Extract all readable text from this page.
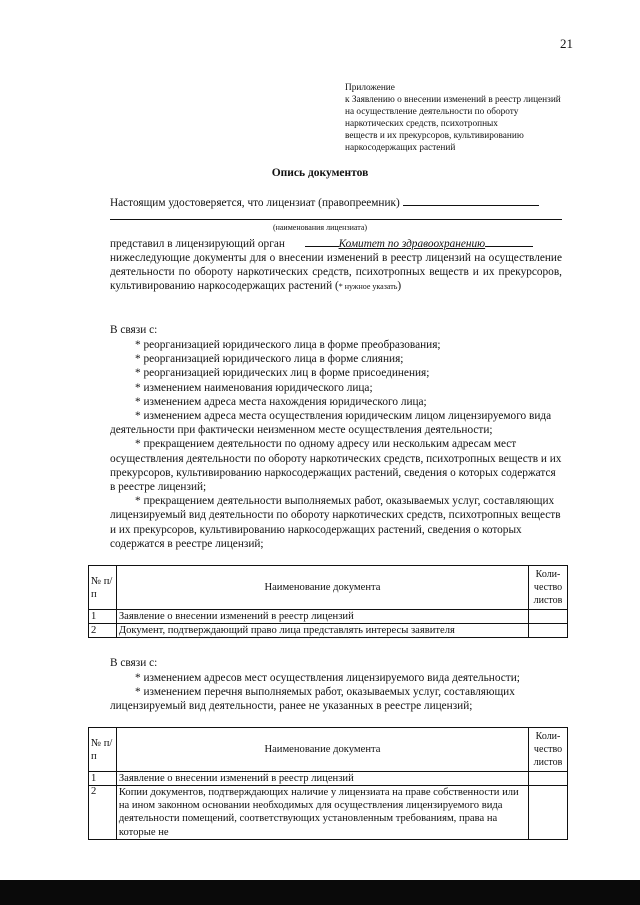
21
Приложение
к Заявлению о внесении изменений в реестр лицензий
на осуществление деятельности по обороту
наркотических средств, психотропных
веществ и их прекурсоров, культивированию
наркосодержащих растений
Опись документов
Настоящим удостоверяется, что лицензиат (правопреемник)
(наименования лицензиата)
представил в лицензирующий орган	Комитет по здравоохранению
нижеследующие документы для о внесении изменений в реестр лицензий на осуществление деятельности по обороту наркотических средств, психотропных веществ и их прекурсоров, культивированию наркосодержащих растений (* нужное указать)
В связи с:
* реорганизацией юридического лица в форме преобразования;
* реорганизацией юридического лица в форме слияния;
* реорганизацией юридических лиц в форме присоединения;
* изменением наименования юридического лица;
* изменением адреса места нахождения юридического лица;
* изменением адреса места осуществления юридическим лицом лицензируемого вида деятельности при фактически неизменном месте осуществления деятельности;
* прекращением деятельности по одному адресу или нескольким адресам мест осуществления деятельности по обороту наркотических средств, психотропных веществ и их прекурсоров, культивированию наркосодержащих растений, сведения о которых содержатся в реестре лицензий;
* прекращением деятельности выполняемых работ, оказываемых услуг, составляющих лицензируемый вид деятельности по обороту наркотических средств, психотропных веществ и их прекурсоров, культивированию наркосодержащих растений, сведения о которых содержатся в реестре лицензий;
№ п/п	Наименование документа	Коли-чество листов
1	Заявление о внесении изменений в реестр лицензий	
2	Документ, подтверждающий право лица представлять интересы заявителя	
В связи с:
* изменением адресов мест осуществления лицензируемого вида деятельности;
* изменением перечня выполняемых работ, оказываемых услуг, составляющих лицензируемый вид деятельности, ранее не указанных в реестре лицензий;
№ п/п	Наименование документа	Коли-чество листов
1	Заявление о внесении изменений в реестр лицензий	
2	Копии документов, подтверждающих наличие у лицензиата на праве собственности или на ином законном основании необходимых для осуществления лицензируемого вида деятельности помещений, соответствующих установленным требованиям, права на которые не	
